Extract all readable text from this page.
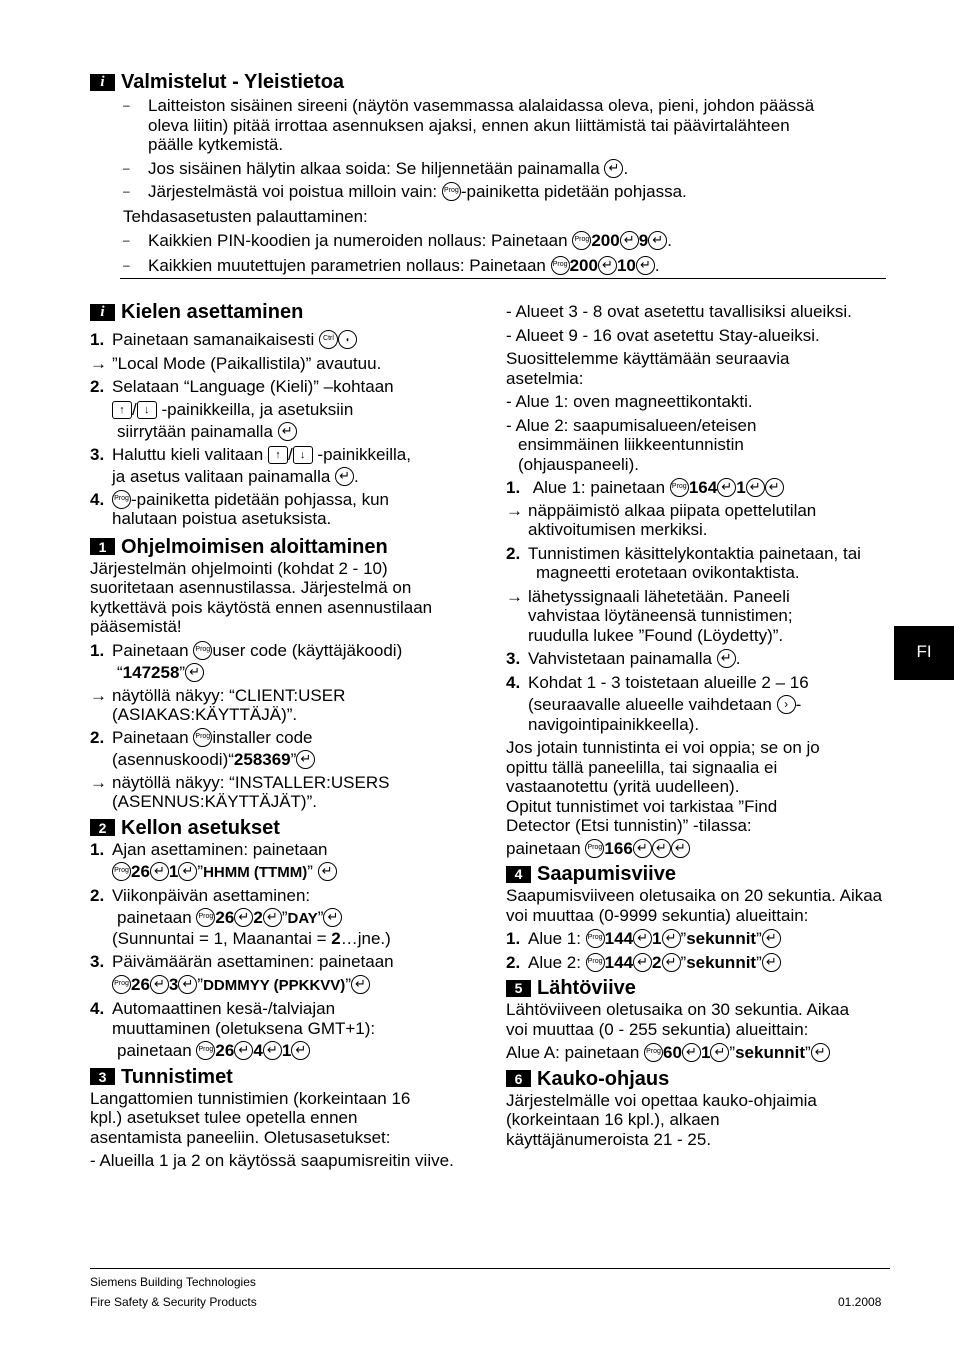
i Valmistelut - Yleistietoa
–	Laitteiston sisäinen sireeni (näytön vasemmassa alalaidassa oleva, pieni, johdon päässä oleva liitin) pitää irrottaa asennuksen ajaksi, ennen akun liittämistä tai päävirtalähteen päälle kytkemistä.
–	Jos sisäinen hälytin alkaa soida: Se hiljennetään painamalla ↵ .
–	Järjestelmästä voi poistua milloin vain: Prog -painiketta pidetään pohjassa.
Tehdasasetusten palauttaminen:
–	Kaikkien PIN-koodien ja numeroiden nollaus: Painetaan Prog 200 ↵ 9 ↵ .
–	Kaikkien muutettujen parametrien nollaus: Painetaan Prog 200 ↵ 10 ↵ .
i Kielen asettaminen
1. Painetaan samanaikaisesti Ctrl◖
→ ”Local Mode (Paikallistila)” avautuu.
2. Selataan “Language (Kieli)” –kohtaan
↑/ ↓ -painikkeilla, ja asetuksiin
siirrytään painamalla ↵
3. Haluttu kieli valitaan ↑ / ↓ -painikkeilla,
ja asetus valitaan painamalla ↵ .
4. Prog	-painiketta pidetään pohjassa, kun
halutaan poistua asetuksista.
1 Ohjelmoimisen aloittaminen
Järjestelmän ohjelmointi (kohdat 2 - 10) suoritetaan asennustilassa. Järjestelmä on kytkettävä pois käytöstä ennen asennustilaan pääsemistä!
1. Painetaan Prog user code (käyttäjäkoodi)
“147258”↵
→ näytöllä näkyy: “CLIENT:USER (ASIAKAS:KÄYTTÄJÄ)”.
2. Painetaan Prog installer code
(asennuskoodi)“258369”↵
→ näytöllä näkyy: “INSTALLER:USERS (ASENNUS:KÄYTTÄJÄT)”.
2 Kellon asetukset
1. Ajan asettaminen: painetaan
Prog26 ↵ 1 ↵ ”HHMM (TTMM)” ↵
2. Viikonpäivän asettaminen:
painetaan Prog 26 ↵ 2 ↵ ”DAY”↵
(Sunnuntai = 1, Maanantai = 2…jne.)
3. Päivämäärän asettaminen: painetaan
Prog26 ↵ 3 ↵ ”DDMMYY (PPKKVV)”↵
4. Automaattinen kesä-/talviajan muuttaminen (oletuksena GMT+1):
painetaan Prog 26 ↵ 4 ↵ 1↵
3 Tunnistimet
Langattomien tunnistimien (korkeintaan 16 kpl.) asetukset tulee opetella ennen asentamista paneeliin. Oletusasetukset:
- Alueilla 1 ja 2 on käytössä saapumisreitin viive.
- Alueet 3 - 8 ovat asetettu tavallisiksi alueiksi.
- Alueet 9 - 16 ovat asetettu Stay-alueiksi.
Suosittelemme käyttämään seuraavia asetelmia:
- Alue 1: oven magneettikontakti.
- Alue 2: saapumisalueen/eteisen ensimmäinen liikkeentunnistin (ohjauspaneeli).
1. Alue 1: painetaan Prog 164 ↵ 1↵↵
→ näppäimistö alkaa piipata opettelutilan aktivoitumisen merkiksi.
2. Tunnistimen käsittelykontaktia painetaan, tai magneetti erotetaan ovikontaktista.
→ lähetyssignaali lähetetään. Paneeli vahvistaa löytäneensä tunnistimen; ruudulla lukee ”Found (Löydetty)”.
3. Vahvistetaan painamalla ↵ .
4. Kohdat 1 - 3 toistetaan alueille 2 – 16
(seuraavalle alueelle vaihdetaan › -
navigointipainikkeella).
Jos jotain tunnistinta ei voi oppia; se on jo opittu tällä paneelilla, tai signaalia ei vastaanotettu (yritä uudelleen).
Opitut tunnistimet voi tarkistaa ”Find Detector (Etsi tunnistin)” -tilassa:
painetaan Prog 166↵↵↵
4 Saapumisviive
Saapumisviiveen oletusaika on 20 sekuntia. Aikaa voi muuttaa (0-9999 sekuntia) alueittain:
1. Alue 1: Prog 144 ↵ 1 ↵ ”sekunnit”↵
2. Alue 2: Prog 144 ↵ 2 ↵ ”sekunnit”↵
5 Lähtöviive
Lähtöviiveen oletusaika on 30 sekuntia. Aikaa voi muuttaa (0 - 255 sekuntia) alueittain:
Alue A: painetaan Prog 60 ↵ 1 ↵ ”sekunnit”↵
6 Kauko-ohjaus
Järjestelmälle voi opettaa kauko-ohjaimia (korkeintaan 16 kpl.), alkaen käyttäjänumeroista 21 - 25.
FI
Siemens Building Technologies
Fire Safety & Security Products	01.2008
